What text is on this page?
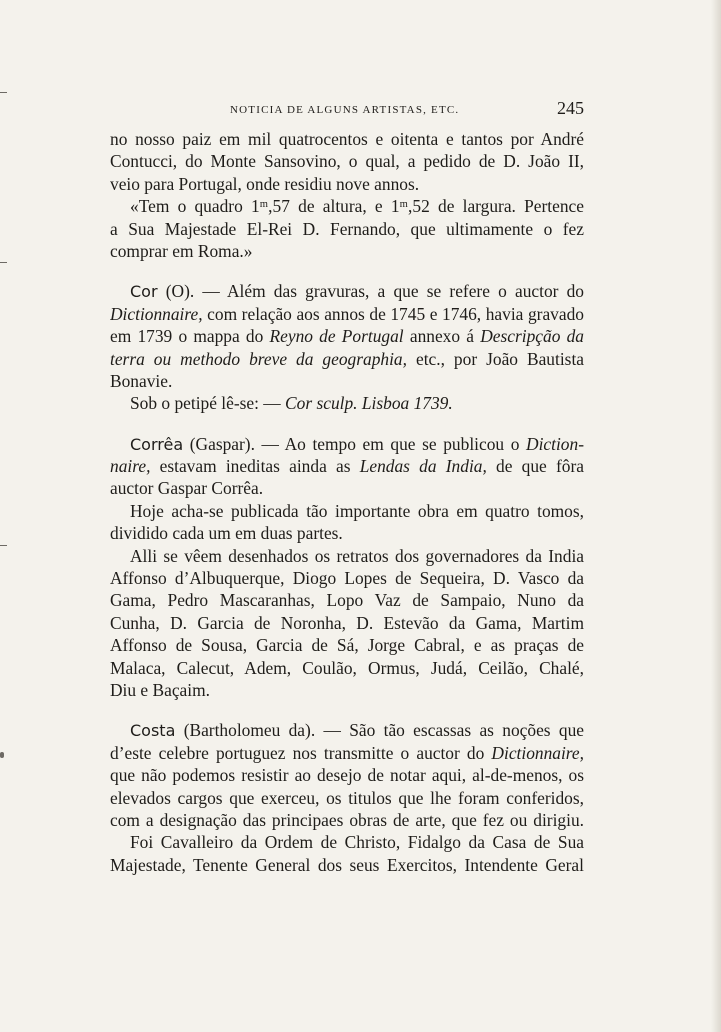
NOTICIA DE ALGUNS ARTISTAS, ETC.	245
no nosso paiz em mil quatrocentos e oitenta e tantos por André
Contucci, do Monte Sansovino, o qual, a pedido de D. João II,
veio para Portugal, onde residiu nove annos.
«Tem o quadro 1ᵐ,57 de altura, e 1ᵐ,52 de largura. Pertence
a Sua Majestade El-Rei D. Fernando, que ultimamente o fez
comprar em Roma.»
Cor (O). — Além das gravuras, a que se refere o auctor do
Dictionnaire, com relação aos annos de 1745 e 1746, havia gravado
em 1739 o mappa do Reyno de Portugal annexo á Descripção da
terra ou methodo breve da geographia, etc., por João Bautista
Bonavie.
Sob o petipé lê-se: — Cor sculp. Lisboa 1739.
Corrêa (Gaspar). — Ao tempo em que se publicou o Diction-
naire, estavam ineditas ainda as Lendas da India, de que fôra
auctor Gaspar Corrêa.
Hoje acha-se publicada tão importante obra em quatro tomos,
dividido cada um em duas partes.
Alli se vêem desenhados os retratos dos governadores da India
Affonso d’Albuquerque, Diogo Lopes de Sequeira, D. Vasco da
Gama, Pedro Mascaranhas, Lopo Vaz de Sampaio, Nuno da
Cunha, D. Garcia de Noronha, D. Estevão da Gama, Martim
Affonso de Sousa, Garcia de Sá, Jorge Cabral, e as praças de
Malaca, Calecut, Adem, Coulão, Ormus, Judá, Ceilão, Chalé,
Diu e Baçaim.
Costa (Bartholomeu da). — São tão escassas as noções que
d’este celebre portuguez nos transmitte o auctor do Dictionnaire,
que não podemos resistir ao desejo de notar aqui, al-de-menos, os
elevados cargos que exerceu, os titulos que lhe foram conferidos,
com a designação das principaes obras de arte, que fez ou dirigiu.
Foi Cavalleiro da Ordem de Christo, Fidalgo da Casa de Sua
Majestade, Tenente General dos seus Exercitos, Intendente Geral
